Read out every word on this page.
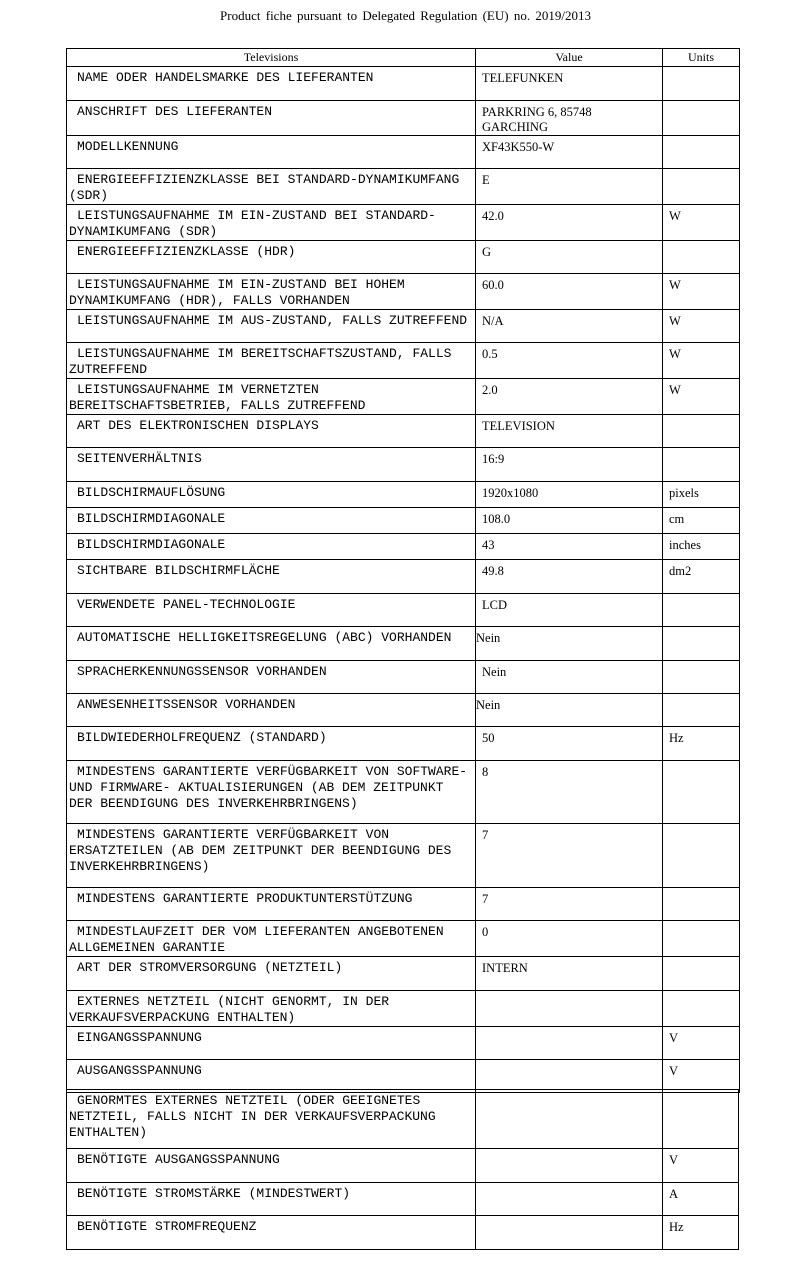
Product fiche pursuant to Delegated Regulation (EU) no. 2019/2013
Televisions	Value	Units

NAME ODER HANDELSMARKE DES LIEFERANTEN	TELEFUNKEN	

ANSCHRIFT DES LIEFERANTEN	PARKRING 6, 85748 GARCHING	

MODELLKENNUNG	XF43K550-W	

ENERGIEEFFIZIENZKLASSE BEI STANDARD-DYNAMIKUMFANG (SDR)	E	

LEISTUNGSAUFNAHME IM EIN-ZUSTAND BEI STANDARD- DYNAMIKUMFANG (SDR)	42.0	W

ENERGIEEFFIZIENZKLASSE (HDR)	G	

LEISTUNGSAUFNAHME IM EIN-ZUSTAND BEI HOHEM DYNAMIKUMFANG (HDR), FALLS VORHANDEN	60.0	W

LEISTUNGSAUFNAHME IM AUS-ZUSTAND, FALLS ZUTREFFEND	N/A	W

LEISTUNGSAUFNAHME IM BEREITSCHAFTSZUSTAND, FALLS ZUTREFFEND	0.5	W

LEISTUNGSAUFNAHME IM VERNETZTEN BEREITSCHAFTSBETRIEB, FALLS ZUTREFFEND	2.0	W

ART DES ELEKTRONISCHEN DISPLAYS	TELEVISION	

SEITENVERHÄLTNIS	16:9	

BILDSCHIRMAUFLÖSUNG	1920x1080	pixels

BILDSCHIRMDIAGONALE	108.0	cm

BILDSCHIRMDIAGONALE	43	inches

SICHTBARE BILDSCHIRMFLÄCHE	49.8	dm2

VERWENDETE PANEL-TECHNOLOGIE	LCD	

AUTOMATISCHE HELLIGKEITSREGELUNG (ABC) VORHANDEN	Nein	

SPRACHERKENNUNGSSENSOR VORHANDEN	Nein	

ANWESENHEITSSENSOR VORHANDEN	Nein	

BILDWIEDERHOLFREQUENZ (STANDARD)	50	Hz

MINDESTENS GARANTIERTE VERFÜGBARKEIT VON SOFTWARE- UND FIRMWARE- AKTUALISIERUNGEN (AB DEM ZEITPUNKT DER BEENDIGUNG DES INVERKEHRBRINGENS)	8	

MINDESTENS GARANTIERTE VERFÜGBARKEIT VON ERSATZTEILEN (AB DEM ZEITPUNKT DER BEENDIGUNG DES INVERKEHRBRINGENS)	7	

MINDESTENS GARANTIERTE PRODUKTUNTERSTÜTZUNG	7	

MINDESTLAUFZEIT DER VOM LIEFERANTEN ANGEBOTENEN ALLGEMEINEN GARANTIE	0	

ART DER STROMVERSORGUNG (NETZTEIL)	INTERN	

EXTERNES NETZTEIL (NICHT GENORMT, IN DER VERKAUFSVERPACKUNG ENTHALTEN)		

EINGANGSSPANNUNG		V

AUSGANGSSPANNUNG		V
GENORMTES EXTERNES NETZTEIL (ODER GEEIGNETES NETZTEIL, FALLS NICHT IN DER VERKAUFSVERPACKUNG ENTHALTEN)		

BENÖTIGTE AUSGANGSSPANNUNG		V

BENÖTIGTE STROMSTÄRKE (MINDESTWERT)		A

BENÖTIGTE STROMFREQUENZ		Hz
